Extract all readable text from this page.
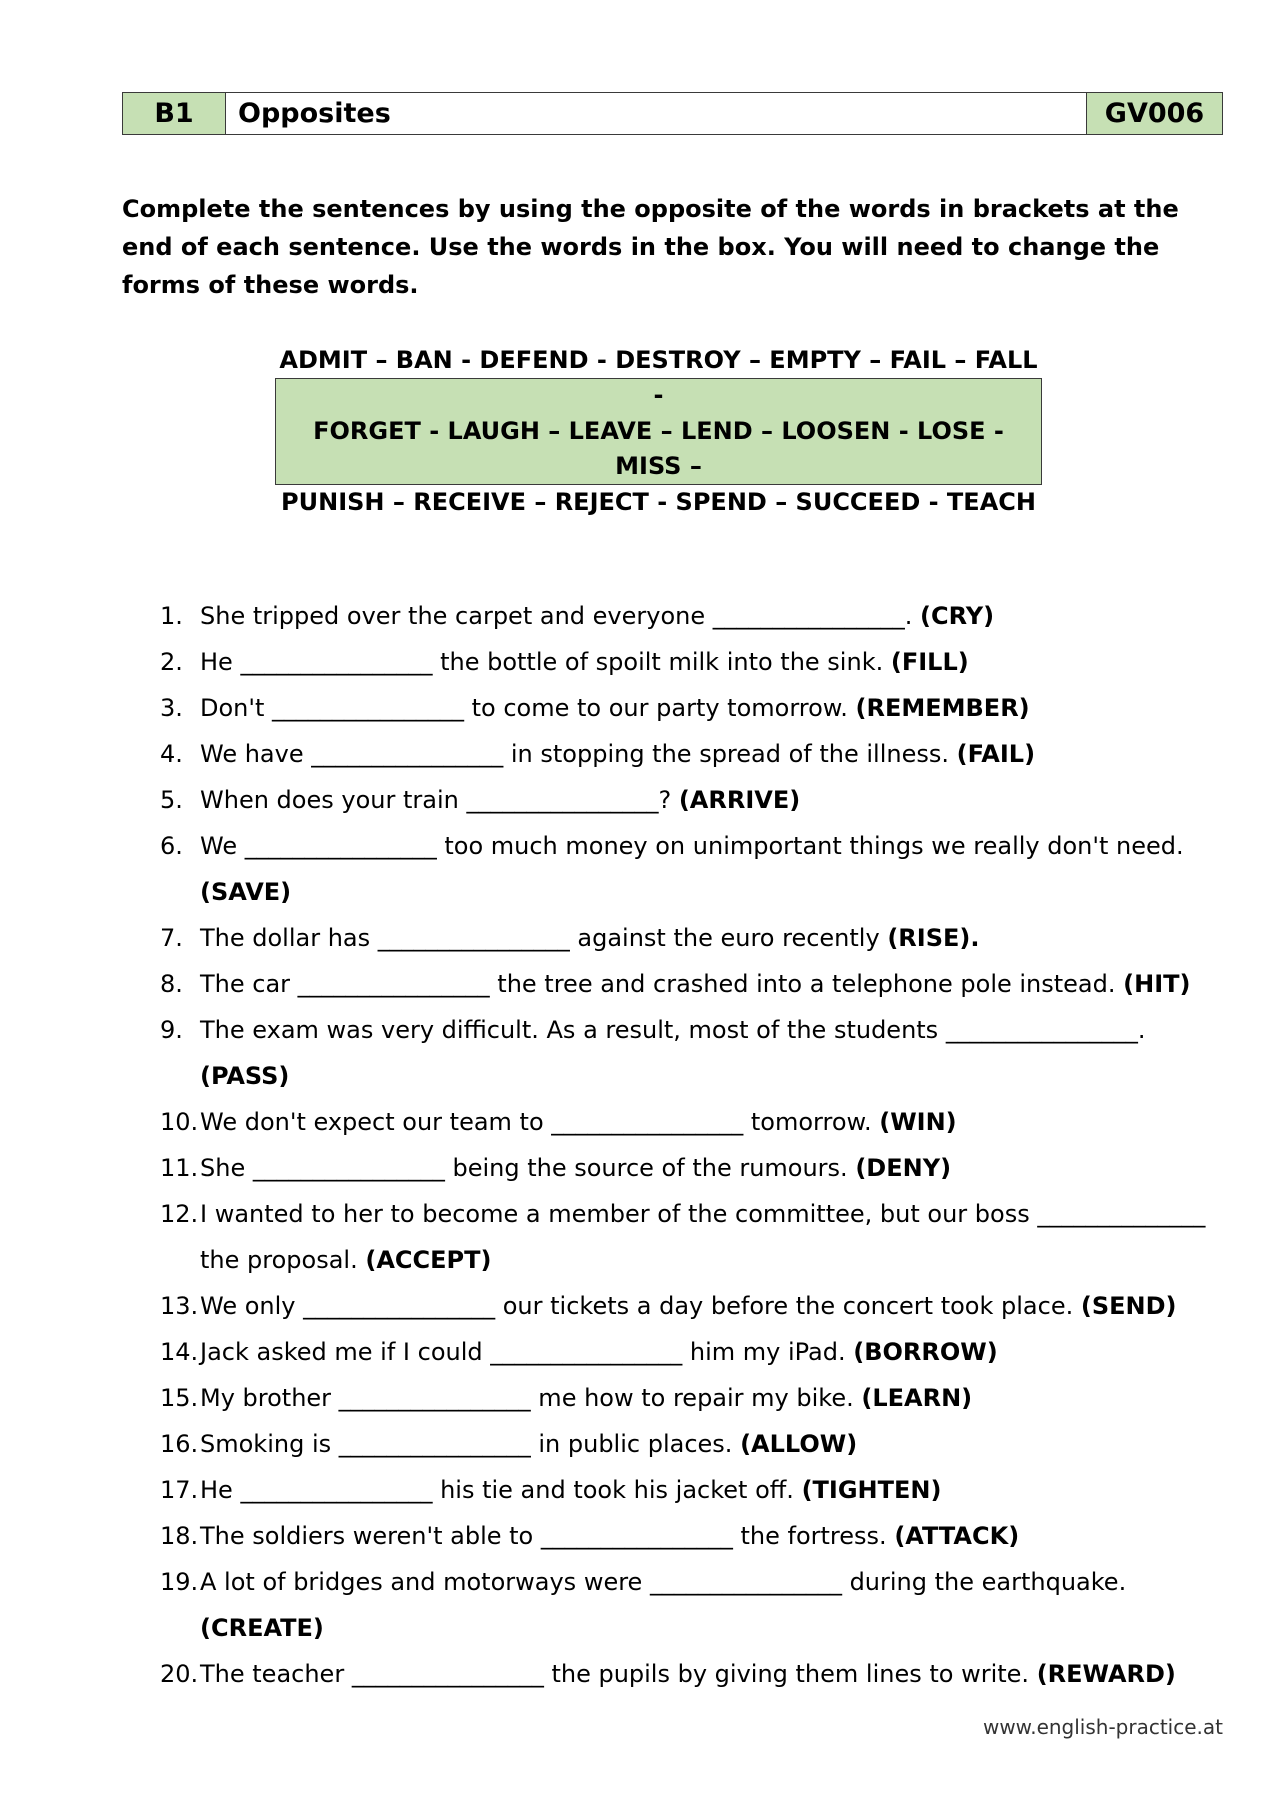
B1	Opposites	GV006
Complete the sentences by using the opposite of the words in brackets at the end of each sentence. Use the words in the box. You will need to change the forms of these words.
ADMIT – BAN - DEFEND - DESTROY – EMPTY – FAIL – FALL -
FORGET - LAUGH – LEAVE – LEND – LOOSEN - LOSE - MISS –
PUNISH – RECEIVE – REJECT - SPEND – SUCCEED - TEACH
1. She tripped over the carpet and everyone ________________. (CRY)
2. He ________________ the bottle of spoilt milk into the sink. (FILL)
3. Don't ________________ to come to our party tomorrow. (REMEMBER)
4. We have ________________ in stopping the spread of the illness. (FAIL)
5. When does your train ________________? (ARRIVE)
6. We ________________ too much money on unimportant things we really don't need. (SAVE)
7. The dollar has ________________ against the euro recently (RISE).
8. The car ________________ the tree and crashed into a telephone pole instead. (HIT)
9. The exam was very difficult. As a result, most of the students ________________. (PASS)
10. We don't expect our team to ________________ tomorrow. (WIN)
11. She ________________ being the source of the rumours. (DENY)
12. I wanted to her to become a member of the committee, but our boss ______________ the proposal. (ACCEPT)
13. We only ________________ our tickets a day before the concert took place. (SEND)
14. Jack asked me if I could ________________ him my iPad. (BORROW)
15. My brother ________________ me how to repair my bike. (LEARN)
16. Smoking is ________________ in public places. (ALLOW)
17. He ________________ his tie and took his jacket off. (TIGHTEN)
18. The soldiers weren't able to ________________ the fortress. (ATTACK)
19. A lot of bridges and motorways were ________________ during the earthquake. (CREATE)
20. The teacher ________________ the pupils by giving them lines to write. (REWARD)
www.english-practice.at
